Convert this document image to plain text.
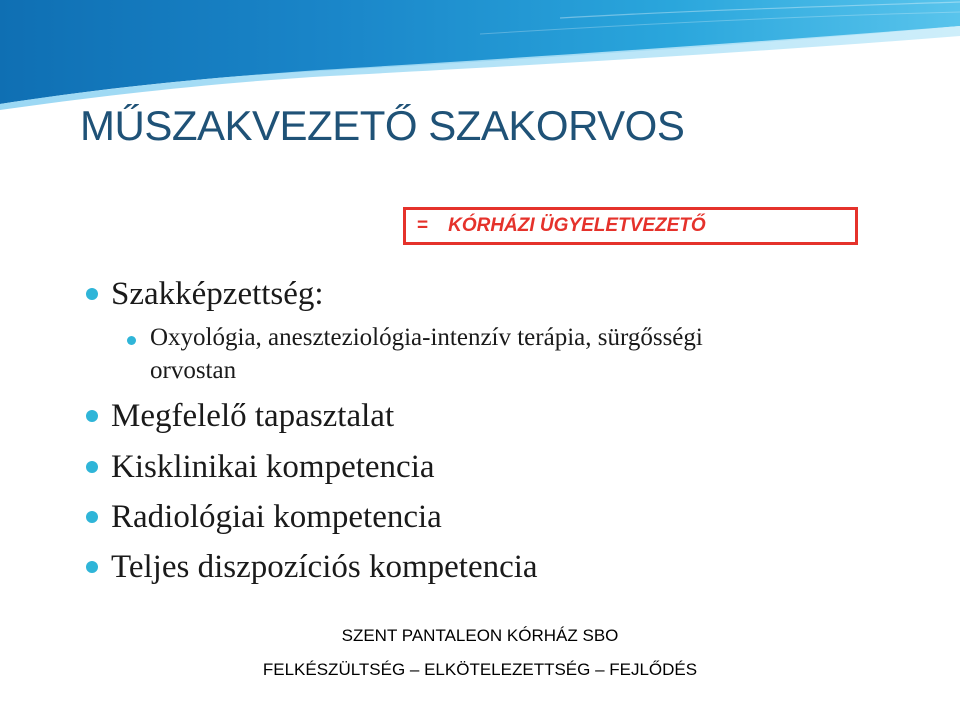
MŰSZAKVEZETŐ SZAKORVOS
= KÓRHÁZI ÜGYELETVEZETŐ
Szakképzettség:
Oxyológia, aneszteziológia-intenzív terápia, sürgősségi
orvostan
Megfelelő tapasztalat
Kisklinikai kompetencia
Radiológiai kompetencia
Teljes diszpozíciós kompetencia
SZENT PANTALEON KÓRHÁZ SBO
FELKÉSZÜLTSÉG – ELKÖTELEZETTSÉG – FEJLŐDÉS
